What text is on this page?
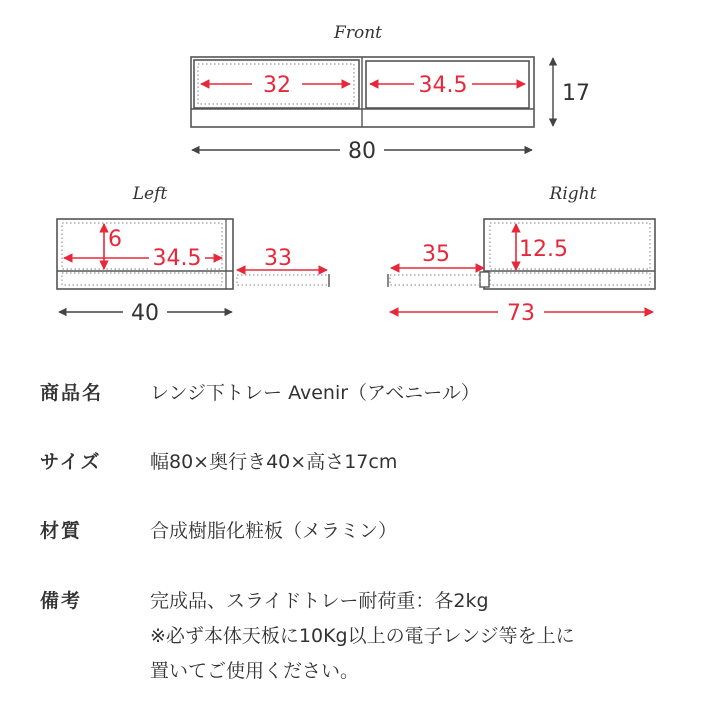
Front
32	34.5	17
80
Left
6
34.5	33
40
Right
35	12.5
73
商品名 レンジ下トレー Avenir（アベニール）
サイズ	幅80×奥行き40×高さ17cm
材質	合成樹脂化粧板（メラミン）
備考	完成品、スライドトレー耐荷重：各2kg
※必ず本体天板に10Kg以上の電子レンジ等を上に
置いてご使用ください。
